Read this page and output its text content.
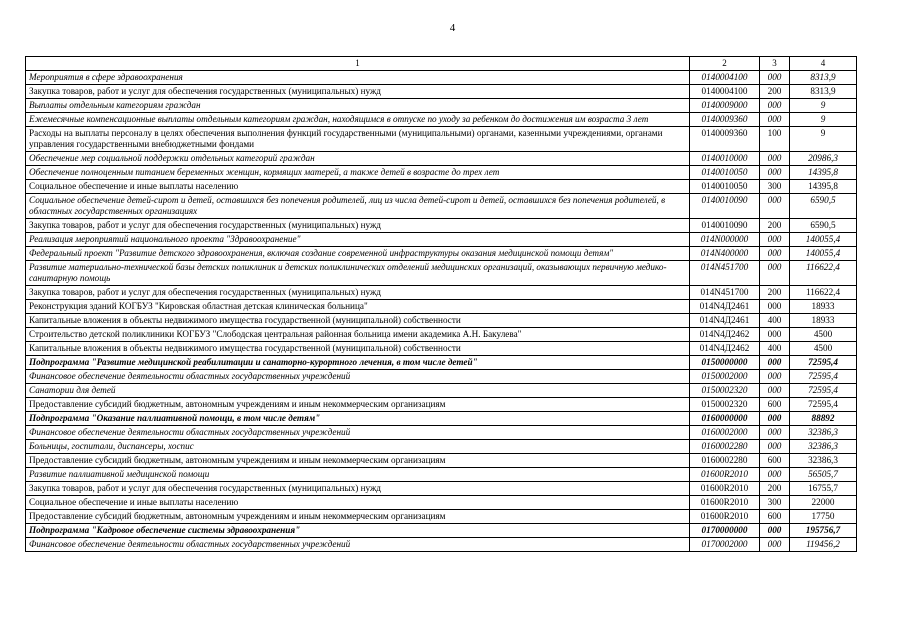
4
1	2	3	4
Мероприятия в сфере здравоохранения	0140004100	000	8313,9
Закупка товаров, работ и услуг для обеспечения государственных (муниципальных) нужд	0140004100	200	8313,9
Выплаты отдельным категориям граждан	0140009000	000	9
Ежемесячные компенсационные выплаты отдельным категориям граждан, находящимся в отпуске по уходу за ребенком до достижения им возраста 3 лет	0140009360	000	9
Расходы на выплаты персоналу в целях обеспечения выполнения функций государственными (муниципальными) органами, казенными учреждениями, органами управления государственными внебюджетными фондами	0140009360	100	9
Обеспечение мер социальной поддержки отдельных категорий граждан	0140010000	000	20986,3
Обеспечение полноценным питанием беременных женщин, кормящих матерей, а также детей в возрасте до трех лет	0140010050	000	14395,8
Социальное обеспечение и иные выплаты населению	0140010050	300	14395,8
Социальное обеспечение детей-сирот и детей, оставшихся без попечения родителей, лиц из числа детей-сирот и детей, оставшихся без попечения родителей, в областных государственных организациях	0140010090	000	6590,5
Закупка товаров, работ и услуг для обеспечения государственных (муниципальных) нужд	0140010090	200	6590,5
Реализация мероприятий национального проекта "Здравоохранение"	014N000000	000	140055,4
Федеральный проект "Развитие детского здравоохранения, включая создание современной инфраструктуры оказания медицинской помощи детям"	014N400000	000	140055,4
Развитие материально-технической базы детских поликлиник и детских поликлинических отделений медицинских организаций, оказывающих первичную медико-санитарную помощь	014N451700	000	116622,4
Закупка товаров, работ и услуг для обеспечения государственных (муниципальных) нужд	014N451700	200	116622,4
Реконструкция зданий КОГБУЗ "Кировская областная детская клиническая больница"	014N4Д2461	000	18933
Капитальные вложения в объекты недвижимого имущества государственной (муниципальной) собственности	014N4Д2461	400	18933
Строительство детской поликлиники КОГБУЗ "Слободская центральная районная больница имени академика А.Н. Бакулева"	014N4Д2462	000	4500
Капитальные вложения в объекты недвижимого имущества государственной (муниципальной) собственности	014N4Д2462	400	4500
Подпрограмма "Развитие медицинской реабилитации и санаторно-курортного лечения, в том числе детей"	0150000000	000	72595,4
Финансовое обеспечение деятельности областных государственных учреждений	0150002000	000	72595,4
Санатории для детей	0150002320	000	72595,4
Предоставление субсидий бюджетным, автономным учреждениям и иным некоммерческим организациям	0150002320	600	72595,4
Подпрограмма "Оказание паллиативной помощи, в том числе детям"	0160000000	000	88892
Финансовое обеспечение деятельности областных государственных учреждений	0160002000	000	32386,3
Больницы, госпитали, диспансеры, хоспис	0160002280	000	32386,3
Предоставление субсидий бюджетным, автономным учреждениям и иным некоммерческим организациям	0160002280	600	32386,3
Развитие паллиативной медицинской помощи	01600R2010	000	56505,7
Закупка товаров, работ и услуг для обеспечения государственных (муниципальных) нужд	01600R2010	200	16755,7
Социальное обеспечение и иные выплаты населению	01600R2010	300	22000
Предоставление субсидий бюджетным, автономным учреждениям и иным некоммерческим организациям	01600R2010	600	17750
Подпрограмма "Кадровое обеспечение системы здравоохранения"	0170000000	000	195756,7
Финансовое обеспечение деятельности областных государственных учреждений	0170002000	000	119456,2
